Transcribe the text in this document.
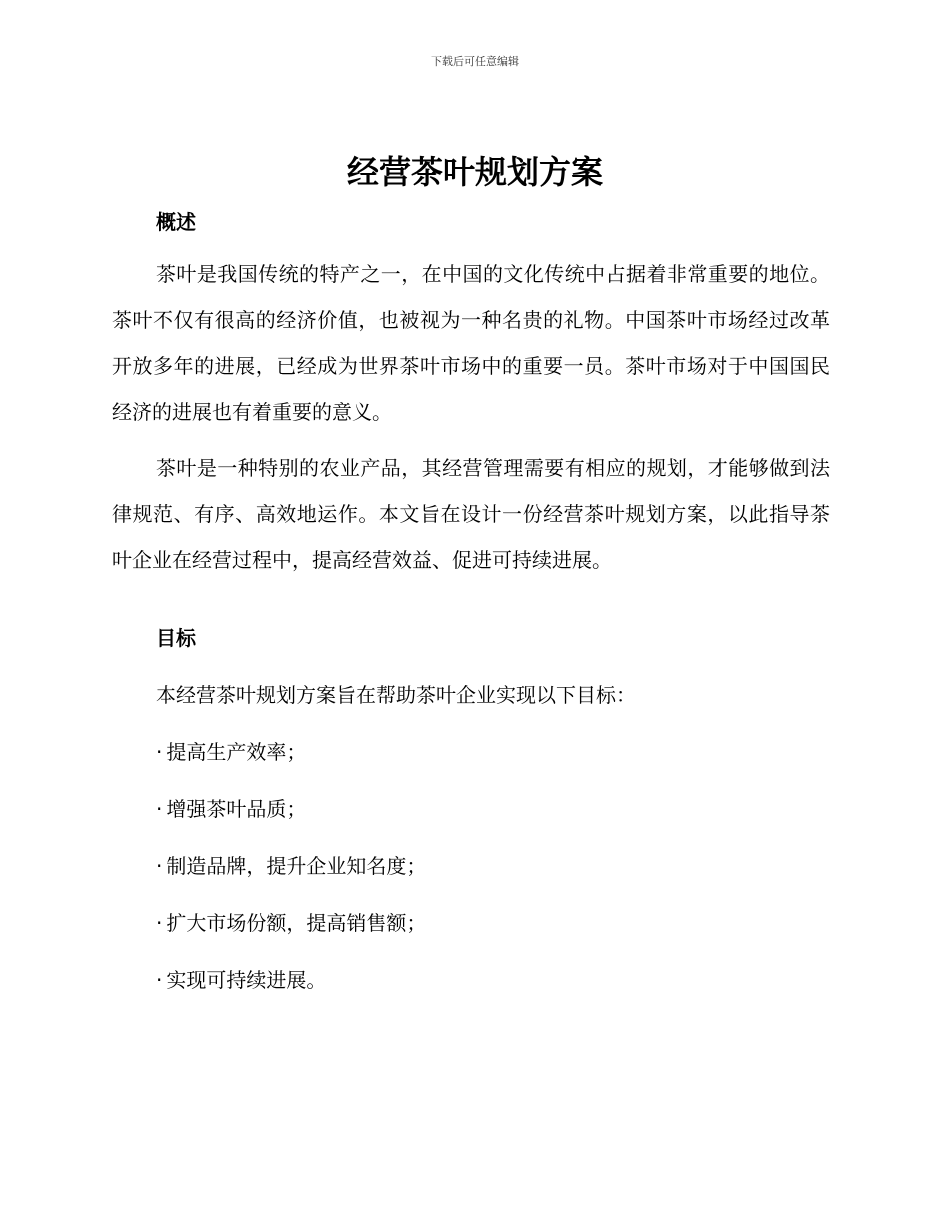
下载后可任意编辑
经营茶叶规划方案
概述

茶叶是我国传统的特产之一，在中国的文化传统中占据着非常重要的地位。茶叶不仅有很高的经济价值，也被视为一种名贵的礼物。中国茶叶市场经过改革开放多年的进展，已经成为世界茶叶市场中的重要一员。茶叶市场对于中国国民经济的进展也有着重要的意义。

茶叶是一种特别的农业产品，其经营管理需要有相应的规划，才能够做到法律规范、有序、高效地运作。本文旨在设计一份经营茶叶规划方案，以此指导茶叶企业在经营过程中，提高经营效益、促进可持续进展。

目标

本经营茶叶规划方案旨在帮助茶叶企业实现以下目标：

· 提高生产效率；
· 增强茶叶品质；
· 制造品牌，提升企业知名度；
· 扩大市场份额，提高销售额；
· 实现可持续进展。
